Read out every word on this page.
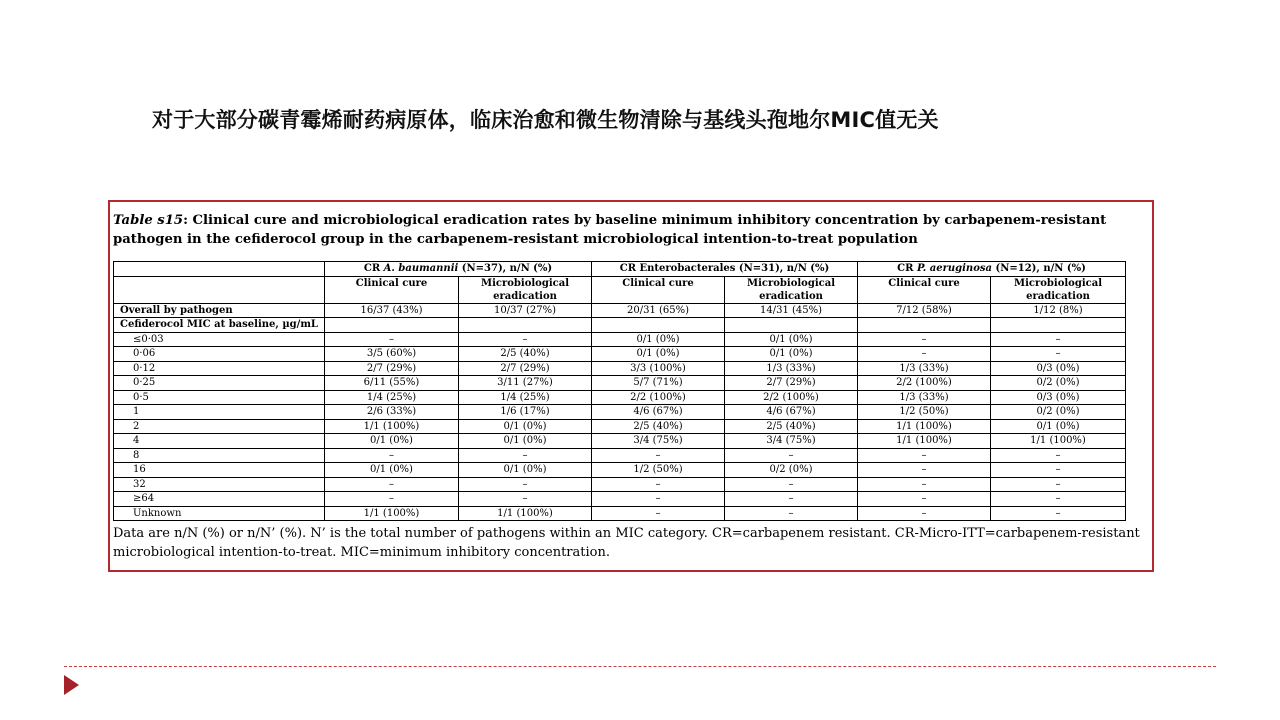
对于大部分碳青霉烯耐药病原体，临床治愈和微生物清除与基线头孢地尔MIC值无关
Table s15: Clinical cure and microbiological eradication rates by baseline minimum inhibitory concentration by carbapenem-resistant pathogen in the cefiderocol group in the carbapenem-resistant microbiological intention-to-treat population
	CR A. baumannii (N=37), n/N (%)		CR Enterobacterales (N=31), n/N (%)		CR P. aeruginosa (N=12), n/N (%)	
	Clinical cure	Microbiological eradication	Clinical cure	Microbiological eradication	Clinical cure	Microbiological eradication
Overall by pathogen	16/37 (43%)	10/37 (27%)	20/31 (65%)	14/31 (45%)	7/12 (58%)	1/12 (8%)
Cefiderocol MIC at baseline, µg/mL						
≤0·03	–	–	0/1 (0%)	0/1 (0%)	–	–
0·06	3/5 (60%)	2/5 (40%)	0/1 (0%)	0/1 (0%)	–	–
0·12	2/7 (29%)	2/7 (29%)	3/3 (100%)	1/3 (33%)	1/3 (33%)	0/3 (0%)
0·25	6/11 (55%)	3/11 (27%)	5/7 (71%)	2/7 (29%)	2/2 (100%)	0/2 (0%)
0·5	1/4 (25%)	1/4 (25%)	2/2 (100%)	2/2 (100%)	1/3 (33%)	0/3 (0%)
1	2/6 (33%)	1/6 (17%)	4/6 (67%)	4/6 (67%)	1/2 (50%)	0/2 (0%)
2	1/1 (100%)	0/1 (0%)	2/5 (40%)	2/5 (40%)	1/1 (100%)	0/1 (0%)
4	0/1 (0%)	0/1 (0%)	3/4 (75%)	3/4 (75%)	1/1 (100%)	1/1 (100%)
8	–	–	–	–	–	–
16	0/1 (0%)	0/1 (0%)	1/2 (50%)	0/2 (0%)	–	–
32	–	–	–	–	–	–
≥64	–	–	–	–	–	–
Unknown	1/1 (100%)	1/1 (100%)	–	–	–	–
Data are n/N (%) or n/N’ (%). N’ is the total number of pathogens within an MIC category. CR=carbapenem resistant. CR-Micro-ITT=carbapenem-resistant microbiological intention-to-treat. MIC=minimum inhibitory concentration.
